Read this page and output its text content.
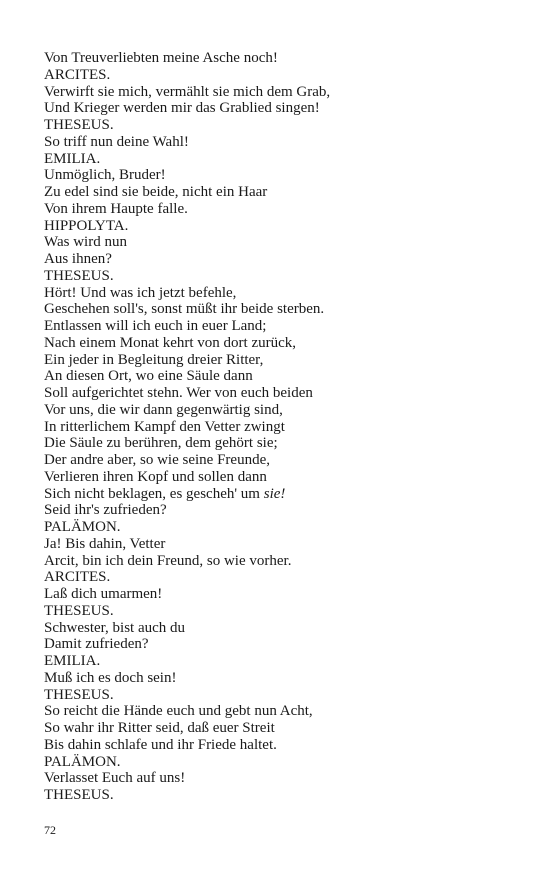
Von Treuverliebten meine Asche noch!
ARCITES.
Verwirft sie mich, vermählt sie mich dem Grab,
Und Krieger werden mir das Grablied singen!
THESEUS.
So triff nun deine Wahl!
EMILIA.
Unmöglich, Bruder!
Zu edel sind sie beide, nicht ein Haar
Von ihrem Haupte falle.
HIPPOLYTA.
Was wird nun
Aus ihnen?
THESEUS.
Hört! Und was ich jetzt befehle,
Geschehen soll's, sonst müßt ihr beide sterben.
Entlassen will ich euch in euer Land;
Nach einem Monat kehrt von dort zurück,
Ein jeder in Begleitung dreier Ritter,
An diesen Ort, wo eine Säule dann
Soll aufgerichtet stehn. Wer von euch beiden
Vor uns, die wir dann gegenwärtig sind,
In ritterlichem Kampf den Vetter zwingt
Die Säule zu berühren, dem gehört sie;
Der andre aber, so wie seine Freunde,
Verlieren ihren Kopf und sollen dann
Sich nicht beklagen, es gescheh' um sie!
Seid ihr's zufrieden?
PALÄMON.
Ja! Bis dahin, Vetter
Arcit, bin ich dein Freund, so wie vorher.
ARCITES.
Laß dich umarmen!
THESEUS.
Schwester, bist auch du
Damit zufrieden?
EMILIA.
Muß ich es doch sein!
THESEUS.
So reicht die Hände euch und gebt nun Acht,
So wahr ihr Ritter seid, daß euer Streit
Bis dahin schlafe und ihr Friede haltet.
PALÄMON.
Verlasset Euch auf uns!
THESEUS.
72
